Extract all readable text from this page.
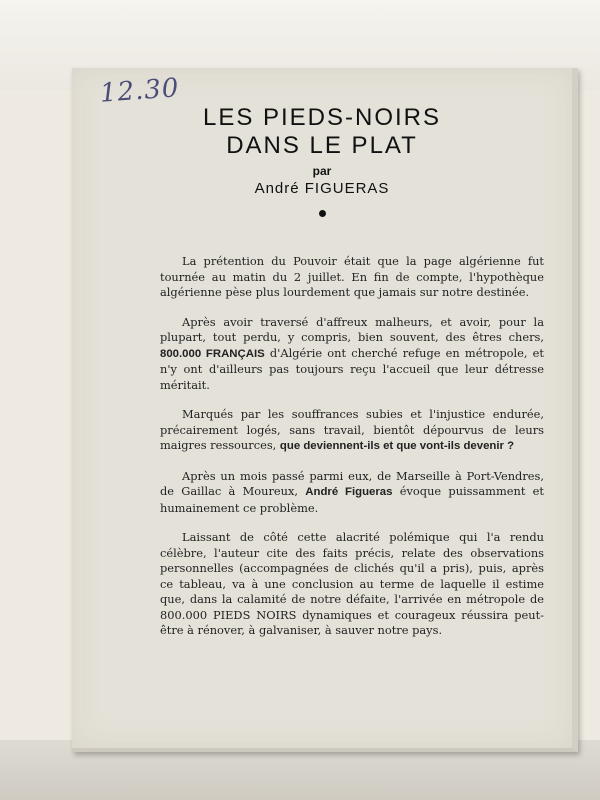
12.30
LES PIEDS-NOIRS
DANS LE PLAT
par
André FIGUERAS

La prétention du Pouvoir était que la page algérienne fut tournée au matin du 2 juillet. En fin de compte, l'hypothèque algérienne pèse plus lourdement que jamais sur notre destinée.

Après avoir traversé d'affreux malheurs, et avoir, pour la plupart, tout perdu, y compris, bien souvent, des êtres chers, 800.000 FRANÇAIS d'Algérie ont cherché refuge en métropole, et n'y ont d'ailleurs pas toujours reçu l'accueil que leur détresse méritait.

Marqués par les souffrances subies et l'injustice endurée, précairement logés, sans travail, bientôt dépourvus de leurs maigres ressources, que deviennent-ils et que vont-ils devenir ?

Après un mois passé parmi eux, de Marseille à Port-Vendres, de Gaillac à Moureux, André Figueras évoque puissamment et humainement ce problème.

Laissant de côté cette alacrité polémique qui l'a rendu célèbre, l'auteur cite des faits précis, relate des observations personnelles (accompagnées de clichés qu'il a pris), puis, après ce tableau, va à une conclusion au terme de laquelle il estime que, dans la calamité de notre défaite, l'arrivée en métropole de 800.000 PIEDS NOIRS dynamiques et courageux réussira peut-être à rénover, à galvaniser, à sauver notre pays.
